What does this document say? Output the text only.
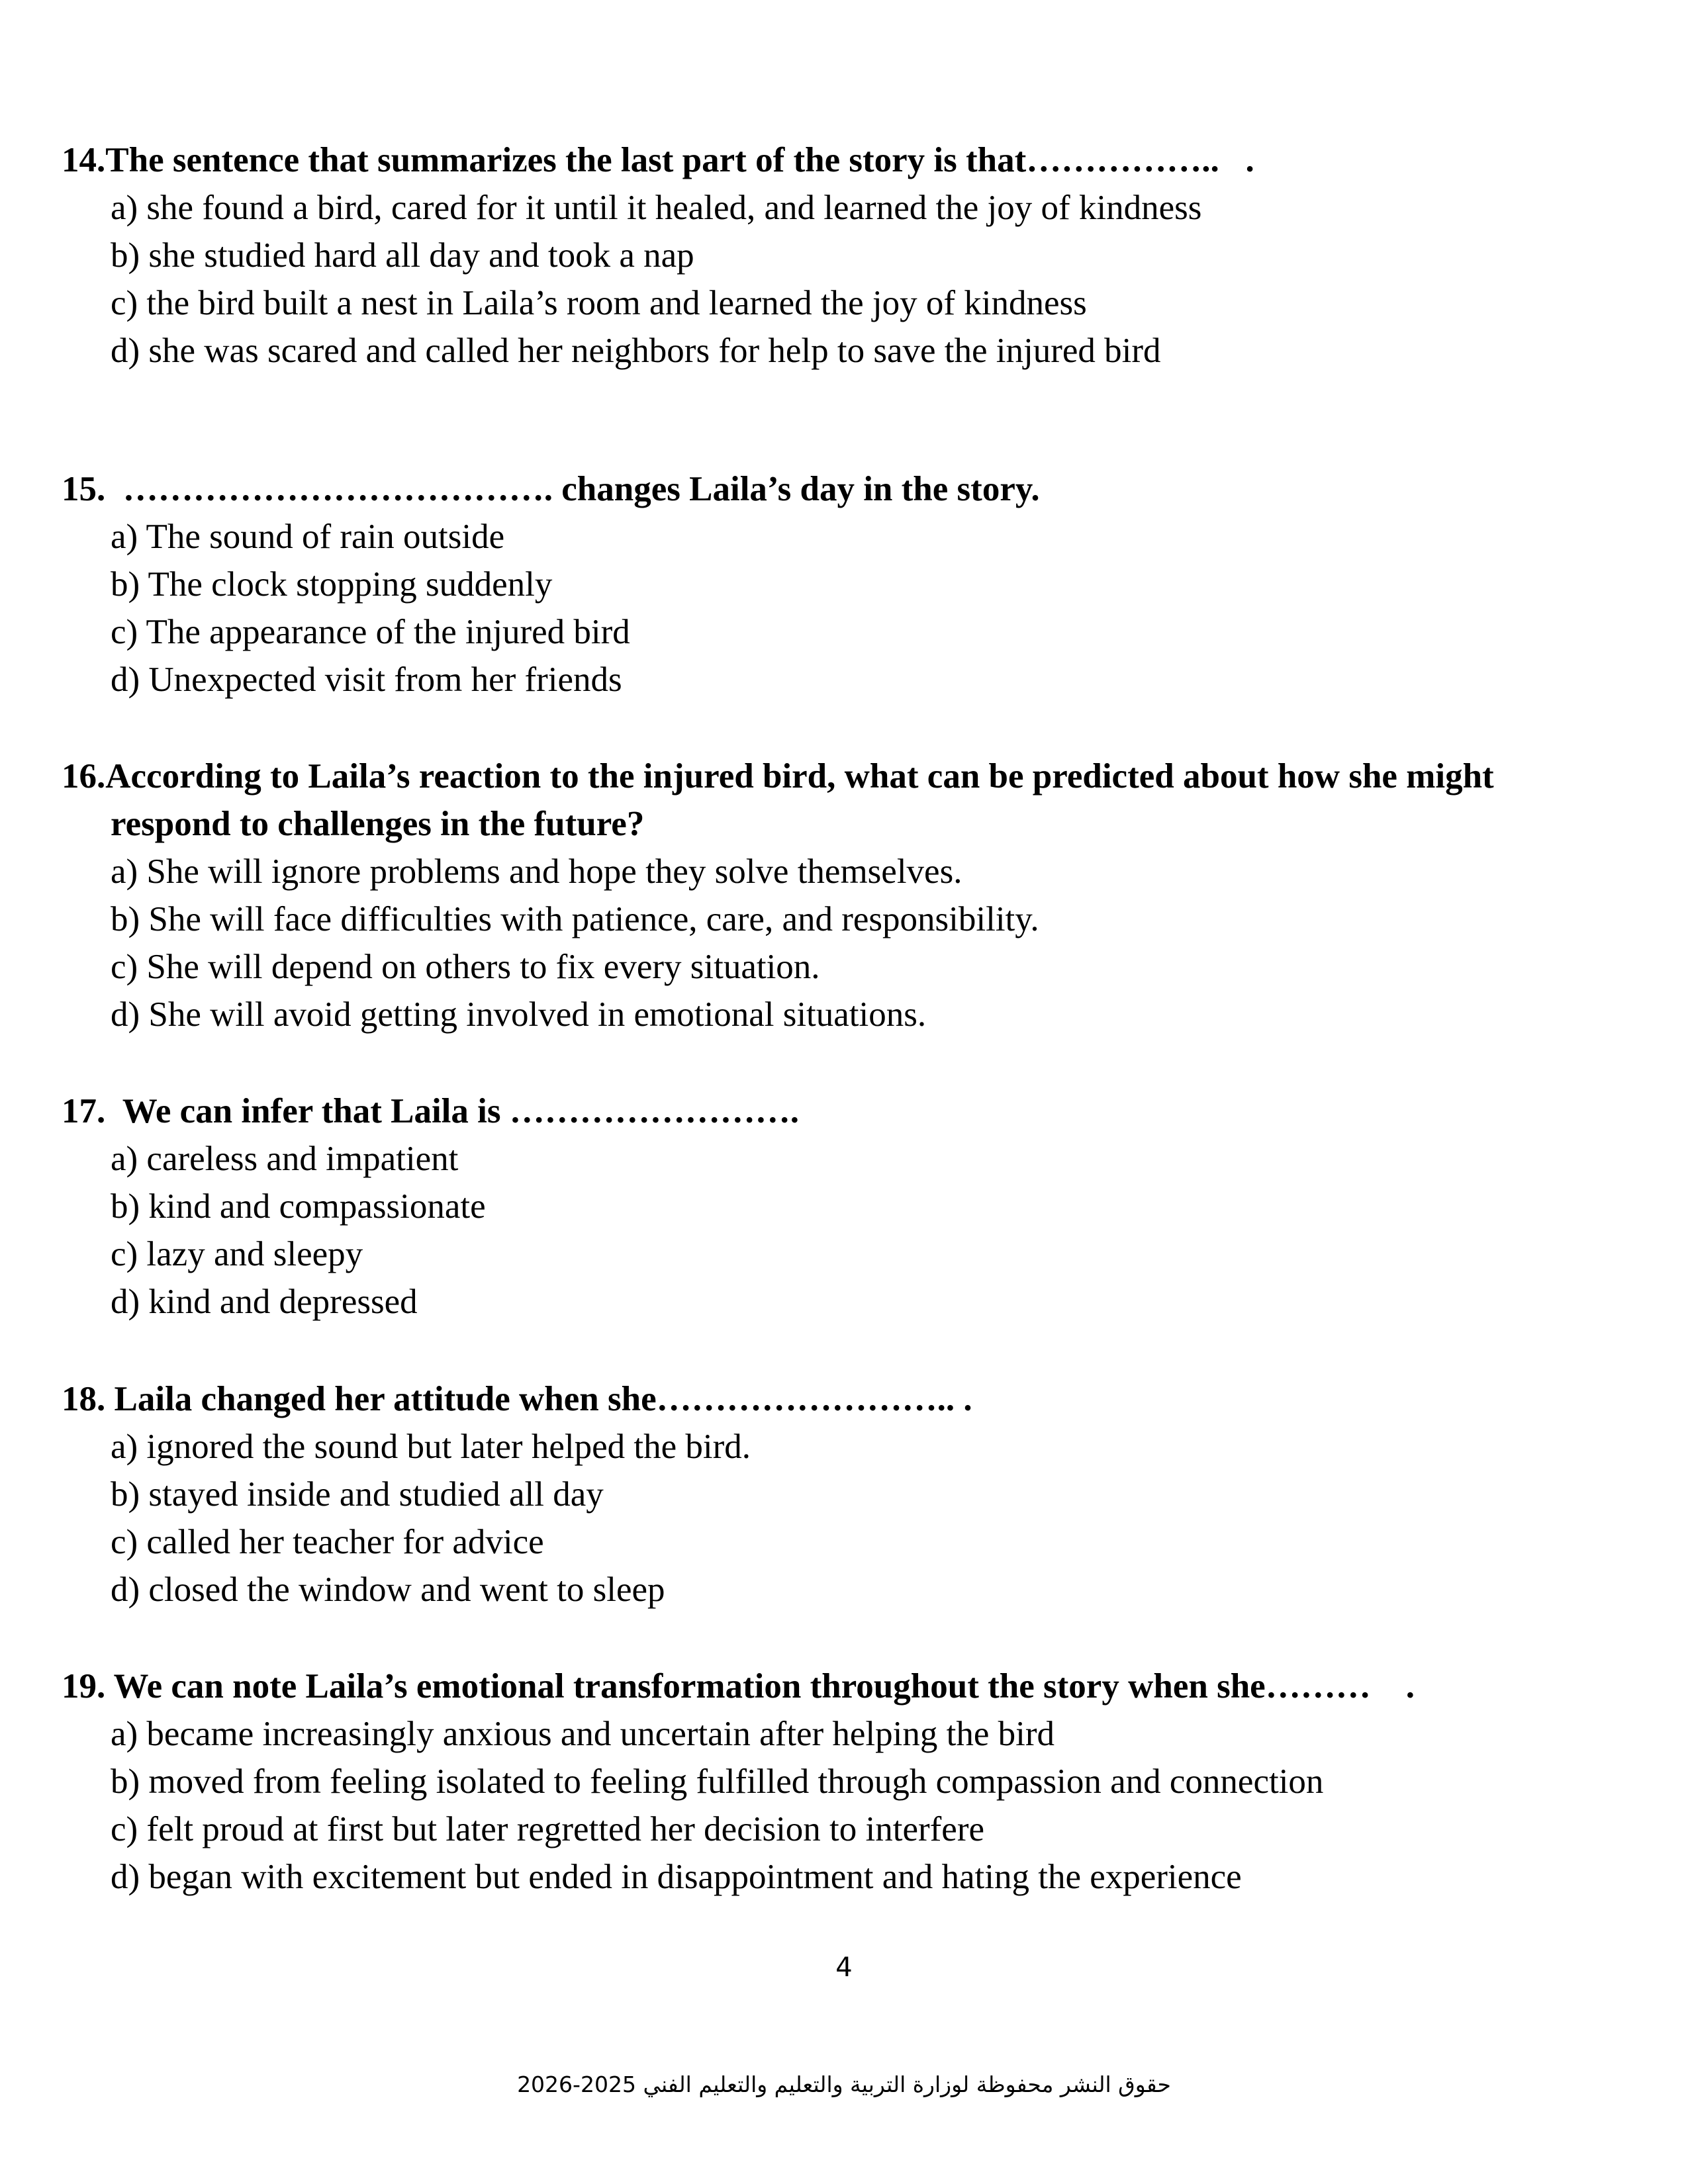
14.The sentence that summarizes the last part of the story is that……………..   .

a) she found a bird, cared for it until it healed, and learned the joy of kindness
b) she studied hard all day and took a nap
c) the bird built a nest in Laila’s room and learned the joy of kindness
d) she was scared and called her neighbors for help to save the injured bird

15.  ………………………………. changes Laila’s day in the story.

a) The sound of rain outside
b) The clock stopping suddenly
c) The appearance of the injured bird
d) Unexpected visit from her friends

16.According to Laila’s reaction to the injured bird, what can be predicted about how she might respond to challenges in the future?

a) She will ignore problems and hope they solve themselves.
b) She will face difficulties with patience, care, and responsibility.
c) She will depend on others to fix every situation.
d) She will avoid getting involved in emotional situations.

17.  We can infer that Laila is …………………….

a) careless and impatient
b) kind and compassionate
c) lazy and sleepy
d) kind and depressed

18. Laila changed her attitude when she…………………….. .

a) ignored the sound but later helped the bird.
b) stayed inside and studied all day
c) called her teacher for advice
d) closed the window and went to sleep

19. We can note Laila’s emotional transformation throughout the story when she………    .

a) became increasingly anxious and uncertain after helping the bird
b) moved from feeling isolated to feeling fulfilled through compassion and connection
c) felt proud at first but later regretted her decision to interfere
d) began with excitement but ended in disappointment and hating the experience
4
حقوق النشر محفوظة لوزارة التربية والتعليم والتعليم الفني 2025-2026
